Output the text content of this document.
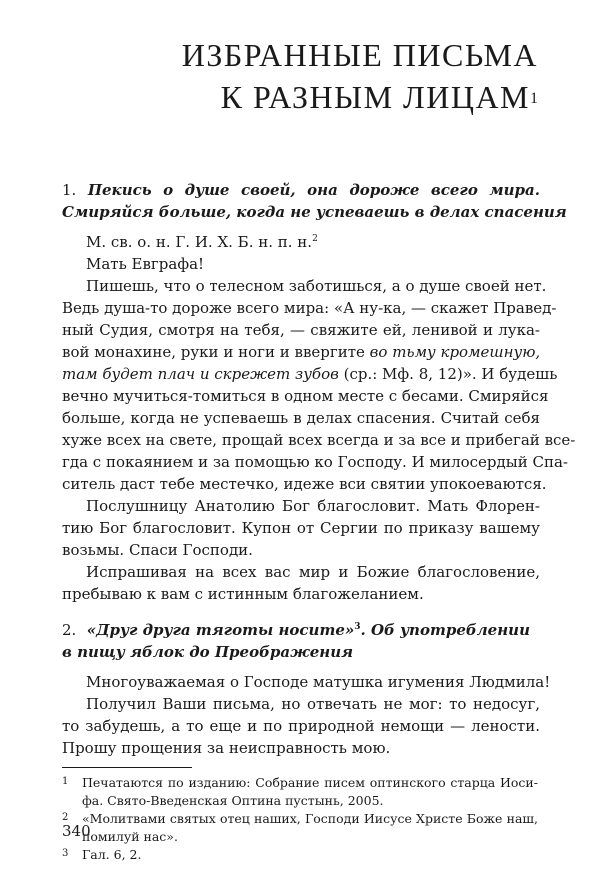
ИЗБРАННЫЕ ПИСЬМА
К РАЗНЫМ ЛИЦАМ$^1$
1. Пекись о душе своей, она дороже всего мира.
Смиряйся больше, когда не успеваешь в делах спасения
М. св. о. н. Г. И. Х. Б. н. п. н.$^2$
Мать Евграфа!
Пишешь, что о телесном заботишься, а о душе своей нет.
Ведь душа-то дороже всего мира: «А ну-ка, — скажет Правед-
ный Судия, смотря на тебя, — свяжите ей, ленивой и лука-
вой монахине, руки и ноги и ввергите во тьму кромешную,
там будет плач и скрежет зубов (ср.: Мф. 8, 12)». И будешь
вечно мучиться-томиться в одном месте с бесами. Смиряйся
больше, когда не успеваешь в делах спасения. Считай себя
хуже всех на свете, прощай всех всегда и за все и прибегай все-
гда с покаянием и за помощью ко Господу. И милосердый Спа-
ситель даст тебе местечко, идеже вси святии упокоеваются.
Послушницу Анатолию Бог благословит. Мать Флорен-
тию Бог благословит. Купон от Сергии по приказу вашему
возьмы. Спаси Господи.
Испрашивая на всех вас мир и Божие благословение,
пребываю к вам с истинным благожеланием.
2. «Друг друга тяготы носите»$^3$. Об употреблении
в пищу яблок до Преображения
Многоуважаемая о Господе матушка игумения Людмила!
Получил Ваши письма, но отвечать не мог: то недосуг,
то забудешь, а то еще и по природной немощи — лености.
Прошу прощения за неисправность мою.
1	Печатаются по изданию: Собрание писем оптинского старца Иоси-
фа. Свято-Введенская Оптина пустынь, 2005.
2	«Молитвами святых отец наших, Господи Иисусе Христе Боже наш,
помилуй нас».
3	Гал. 6, 2.
340
